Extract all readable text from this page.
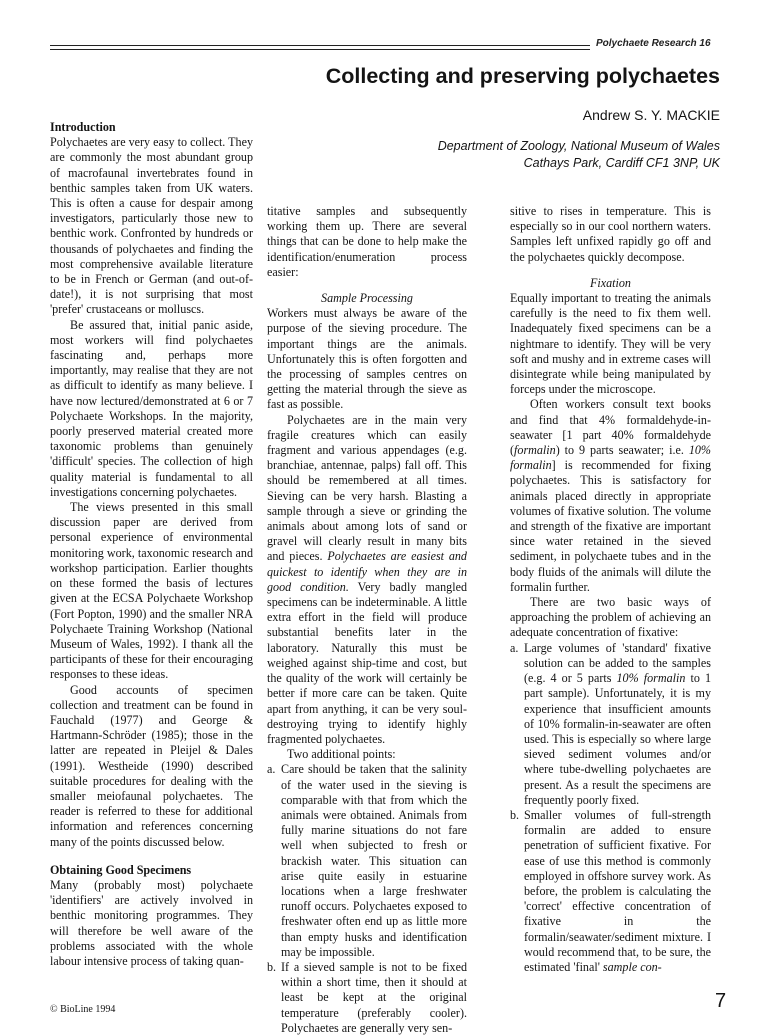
Polychaete Research 16
Collecting and preserving polychaetes
Andrew S. Y. MACKIE
Department of Zoology, National Museum of Wales
Cathays Park, Cardiff CF1 3NP, UK
Introduction

Polychaetes are very easy to collect. They are commonly the most abundant group of macrofaunal invertebrates found in benthic samples taken from UK waters. This is often a cause for despair among investigators, particularly those new to benthic work. Confronted by hundreds or thousands of polychaetes and finding the most comprehensive available literature to be in French or German (and out-of-date!), it is not surprising that most 'prefer' crustaceans or molluscs.

Be assured that, initial panic aside, most workers will find polychaetes fascinating and, perhaps more importantly, may realise that they are not as difficult to identify as many believe. I have now lectured/demonstrated at 6 or 7 Polychaete Workshops. In the majority, poorly preserved material created more taxonomic problems than genuinely 'difficult' species. The collection of high quality material is fundamental to all investigations concerning polychaetes.

The views presented in this small discussion paper are derived from personal experience of environmental monitoring work, taxonomic research and workshop participation. Earlier thoughts on these formed the basis of lectures given at the ECSA Polychaete Workshop (Fort Popton, 1990) and the smaller NRA Polychaete Training Workshop (National Museum of Wales, 1992). I thank all the participants of these for their encouraging responses to these ideas.

Good accounts of specimen collection and treatment can be found in Fauchald (1977) and George & Hartmann-Schröder (1985); those in the latter are repeated in Pleijel & Dales (1991). Westheide (1990) described suitable procedures for dealing with the smaller meiofaunal polychaetes. The reader is referred to these for additional information and references concerning many of the points discussed below.

Obtaining Good Specimens

Many (probably most) polychaete 'identifiers' are actively involved in benthic monitoring programmes. They will therefore be well aware of the problems associated with the whole labour intensive process of taking quan-

titative samples and subsequently working them up. There are several things that can be done to help make the identification/enumeration process easier:

Sample Processing

Workers must always be aware of the purpose of the sieving procedure. The important things are the animals. Unfortunately this is often forgotten and the processing of samples centres on getting the material through the sieve as fast as possible.

Polychaetes are in the main very fragile creatures which can easily fragment and various appendages (e.g. branchiae, antennae, palps) fall off. This should be remembered at all times. Sieving can be very harsh. Blasting a sample through a sieve or grinding the animals about among lots of sand or gravel will clearly result in many bits and pieces. Polychaetes are easiest and quickest to identify when they are in good condition. Very badly mangled specimens can be indeterminable. A little extra effort in the field will produce substantial benefits later in the laboratory. Naturally this must be weighed against ship-time and cost, but the quality of the work will certainly be better if more care can be taken. Quite apart from anything, it can be very soul-destroying trying to identify highly fragmented polychaetes.

Two additional points:

a. Care should be taken that the salinity of the water used in the sieving is comparable with that from which the animals were obtained. Animals from fully marine situations do not fare well when subjected to fresh or brackish water. This situation can arise quite easily in estuarine locations when a large freshwater runoff occurs. Polychaetes exposed to freshwater often end up as little more than empty husks and identification may be impossible.
b. If a sieved sample is not to be fixed within a short time, then it should at least be kept at the original temperature (preferably cooler). Polychaetes are generally very sen-

sitive to rises in temperature. This is especially so in our cool northern waters. Samples left unfixed rapidly go off and the polychaetes quickly decompose.

Fixation

Equally important to treating the animals carefully is the need to fix them well. Inadequately fixed specimens can be a nightmare to identify. They will be very soft and mushy and in extreme cases will disintegrate while being manipulated by forceps under the microscope.

Often workers consult text books and find that 4% formaldehyde-in-seawater [1 part 40% formaldehyde (formalin) to 9 parts seawater; i.e. 10% formalin] is recommended for fixing polychaetes. This is satisfactory for animals placed directly in appropriate volumes of fixative solution. The volume and strength of the fixative are important since water retained in the sieved sediment, in polychaete tubes and in the body fluids of the animals will dilute the formalin further.

There are two basic ways of approaching the problem of achieving an adequate concentration of fixative:

a. Large volumes of 'standard' fixative solution can be added to the samples (e.g. 4 or 5 parts 10% formalin to 1 part sample). Unfortunately, it is my experience that insufficient amounts of 10% formalin-in-seawater are often used. This is especially so where large sieved sediment volumes and/or where tube-dwelling polychaetes are present. As a result the specimens are frequently poorly fixed.
b. Smaller volumes of full-strength formalin are added to ensure penetration of sufficient fixative. For ease of use this method is commonly employed in offshore survey work. As before, the problem is calculating the 'correct' effective concentration of fixative in the formalin/seawater/sediment mixture. I would recommend that, to be sure, the estimated 'final' sample con-
© BioLine 1994	7
